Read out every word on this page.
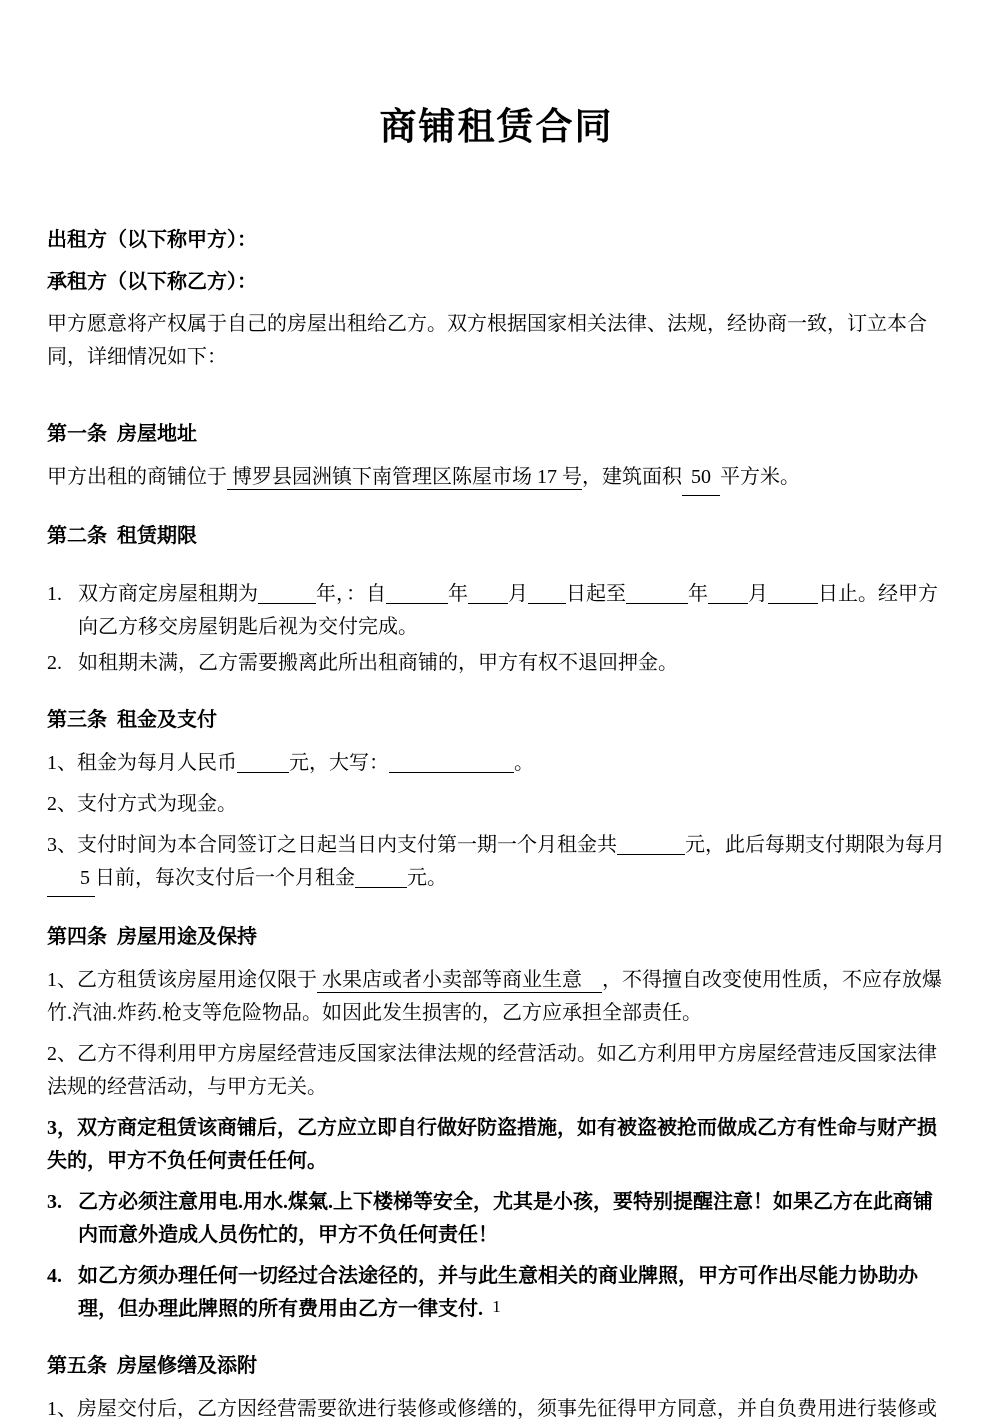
商铺租赁合同

出租方（以下称甲方）：

承租方（以下称乙方）：

甲方愿意将产权属于自己的房屋出租给乙方。双方根据国家相关法律、法规，经协商一致，订立本合同，详细情况如下：

第一条  房屋地址

甲方出租的商铺位于 博罗县园洲镇下南管理区陈屋市场 17 号，建筑面积 50 平方米。

第二条  租赁期限
1. 双方商定房屋租期为	年，：自	年 月 日起至	年 月	日止。经甲方向乙方移交房屋钥匙后视为交付完成。
2. 如租期未满，乙方需要搬离此所出租商铺的，甲方有权不退回押金。
第三条  租金及支付

1、租金为每月人民币	元，大写：	。

2、支付方式为现金。

3、支付时间为本合同签订之日起当日内支付第一期一个月租金共	元，此后每期支付期限为每月5 日前，每次支付后一个月租金	元。

第四条  房屋用途及保持

1、乙方租赁该房屋用途仅限于 水果店或者小卖部等商业生意    ，不得擅自改变使用性质，不应存放爆竹.汽油.炸药.枪支等危险物品。如因此发生损害的，乙方应承担全部责任。

2、乙方不得利用甲方房屋经营违反国家法律法规的经营活动。如乙方利用甲方房屋经营违反国家法律法规的经营活动，与甲方无关。

3，双方商定租赁该商铺后，乙方应立即自行做好防盗措施，如有被盗被抢而做成乙方有性命与财产损失的，甲方不负任何责任任何。

3. 乙方必须注意用电.用水.煤氣.上下楼梯等安全，尤其是小孩，要特别提醒注意！如果乙方在此商铺内而意外造成人员伤忙的，甲方不负任何责任！
4. 如乙方须办理任何一切经过合法途径的，并与此生意相关的商业牌照，甲方可作出尽能力协助办理，但办理此牌照的所有费用由乙方一律支付.
第五条  房屋修缮及添附

1、房屋交付后，乙方因经营需要欲进行装修或修缮的，须事先征得甲方同意，并自负费用进行装修或

1
